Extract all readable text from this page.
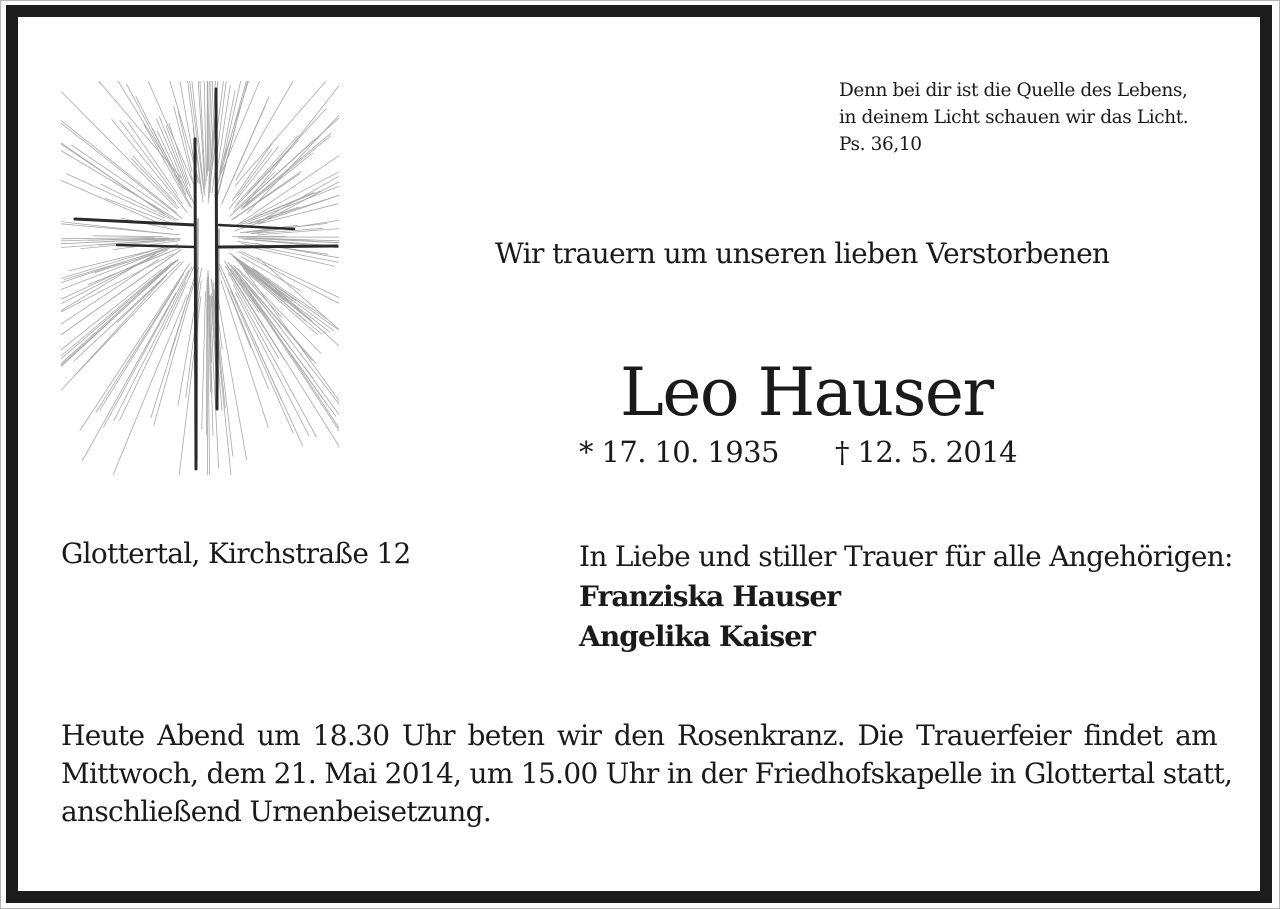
Denn bei dir ist die Quelle des Lebens,
in deinem Licht schauen wir das Licht.
Ps. 36,10
Wir trauern um unseren lieben Verstorbenen
Leo Hauser
* 17. 10. 1935 † 12. 5. 2014
Glottertal, Kirchstraße 12	In Liebe und stiller Trauer für alle Angehörigen:
Franziska Hauser
Angelika Kaiser
Heute Abend um 18.30 Uhr beten wir den Rosenkranz. Die Trauerfeier findet am
Mittwoch, dem 21. Mai 2014, um 15.00 Uhr in der Friedhofskapelle in Glottertal statt,
anschließend Urnenbeisetzung.
